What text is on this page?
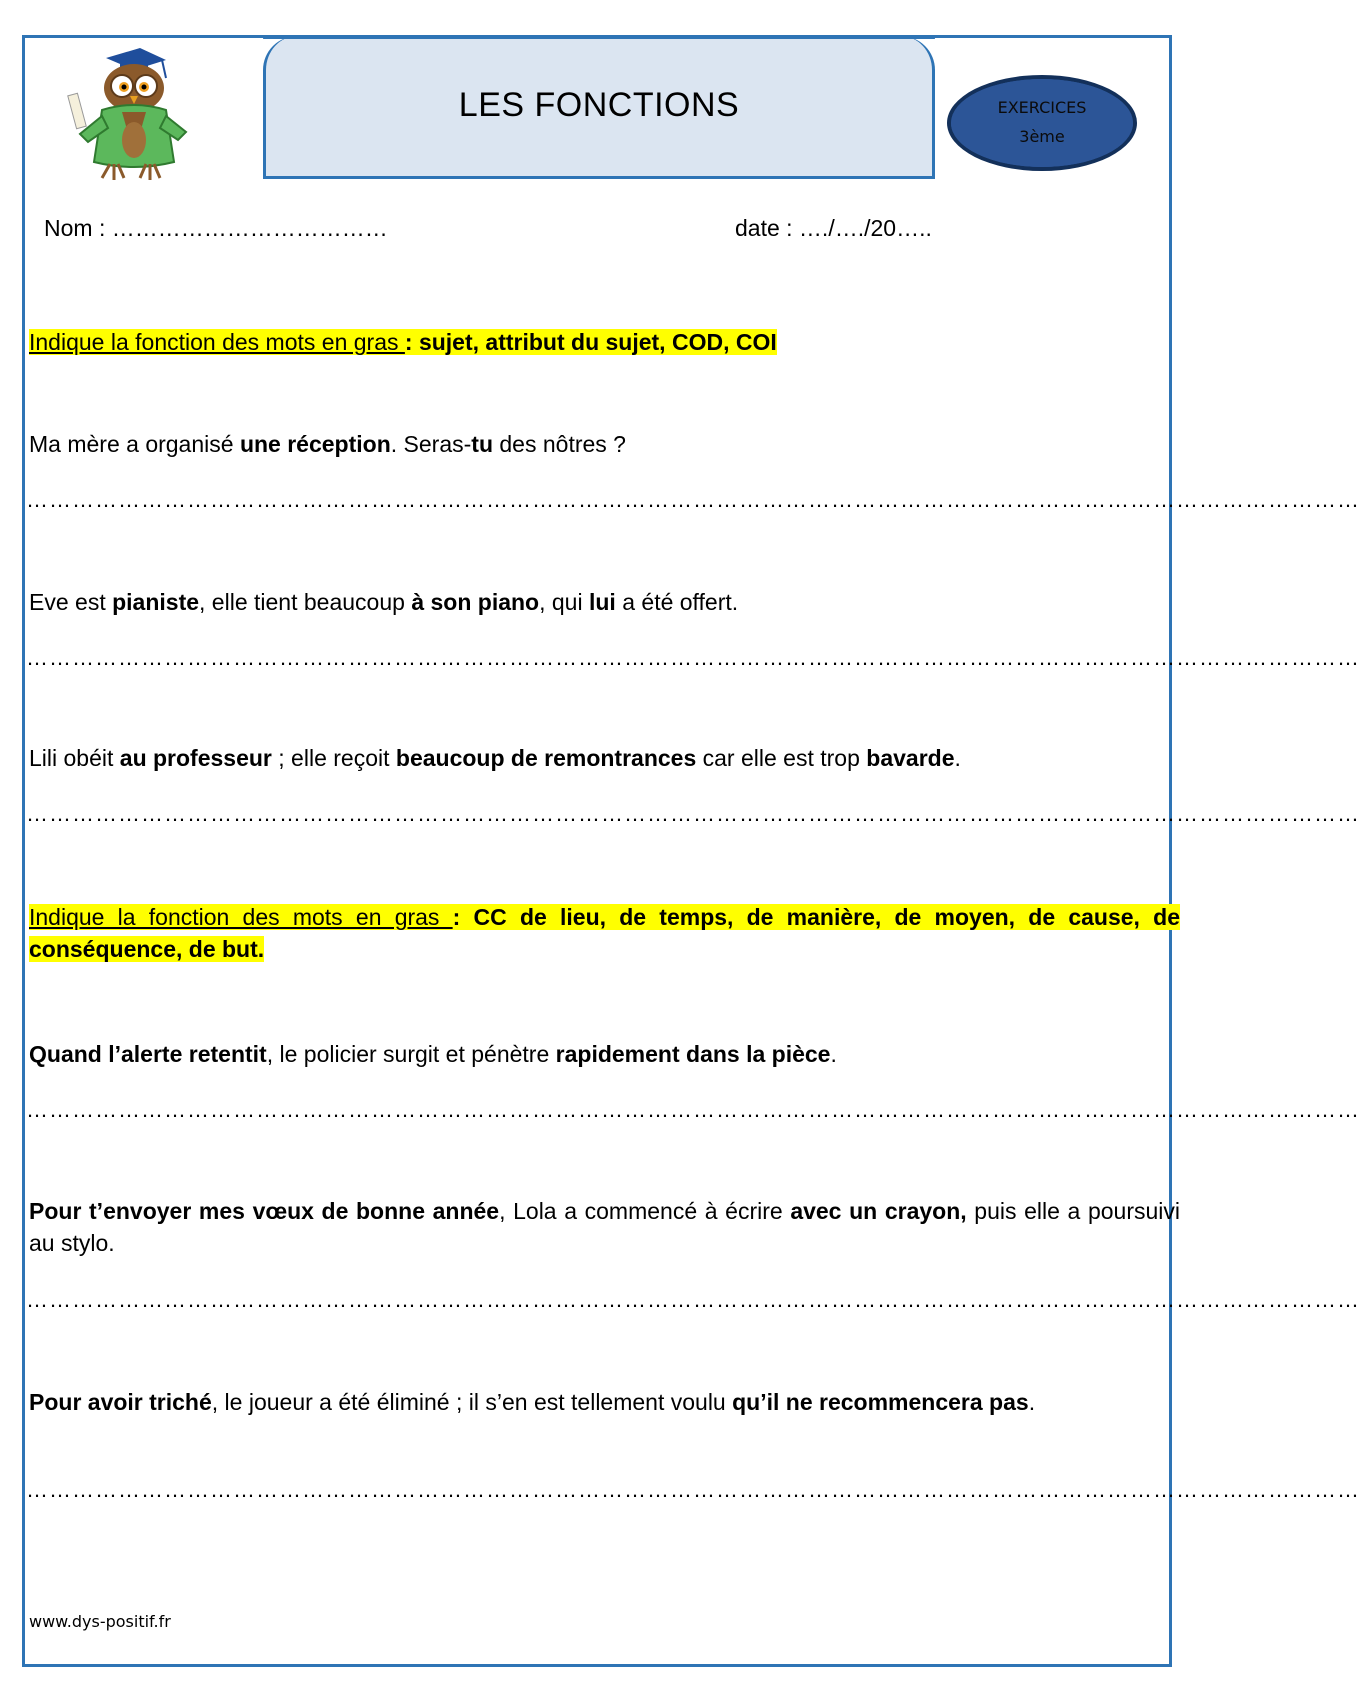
LES FONCTIONS	EXERCICES
3ème
Nom : ………………………………	date : …./…./20…..
Indique la fonction des mots en gras : sujet, attribut du sujet, COD, COI
Ma mère a organisé une réception. Seras-tu des nôtres ?
…………………………………………………………………………………………………………………………………………………………
Eve est pianiste, elle tient beaucoup à son piano, qui lui a été offert.
…………………………………………………………………………………………………………………………………………………………
Lili obéit au professeur ; elle reçoit beaucoup de remontrances car elle est trop bavarde.
…………………………………………………………………………………………………………………………………………………………
Indique la fonction des mots en gras : CC de lieu, de temps, de manière, de moyen, de cause, de conséquence, de but.
Quand l’alerte retentit, le policier surgit et pénètre rapidement dans la pièce.
…………………………………………………………………………………………………………………………………………………………
Pour t’envoyer mes vœux de bonne année, Lola a commencé à écrire avec un crayon, puis elle a poursuivi au stylo.
…………………………………………………………………………………………………………………………………………………………
Pour avoir triché, le joueur a été éliminé ; il s’en est tellement voulu qu’il ne recommencera pas.
…………………………………………………………………………………………………………………………………………………………
www.dys-positif.fr
